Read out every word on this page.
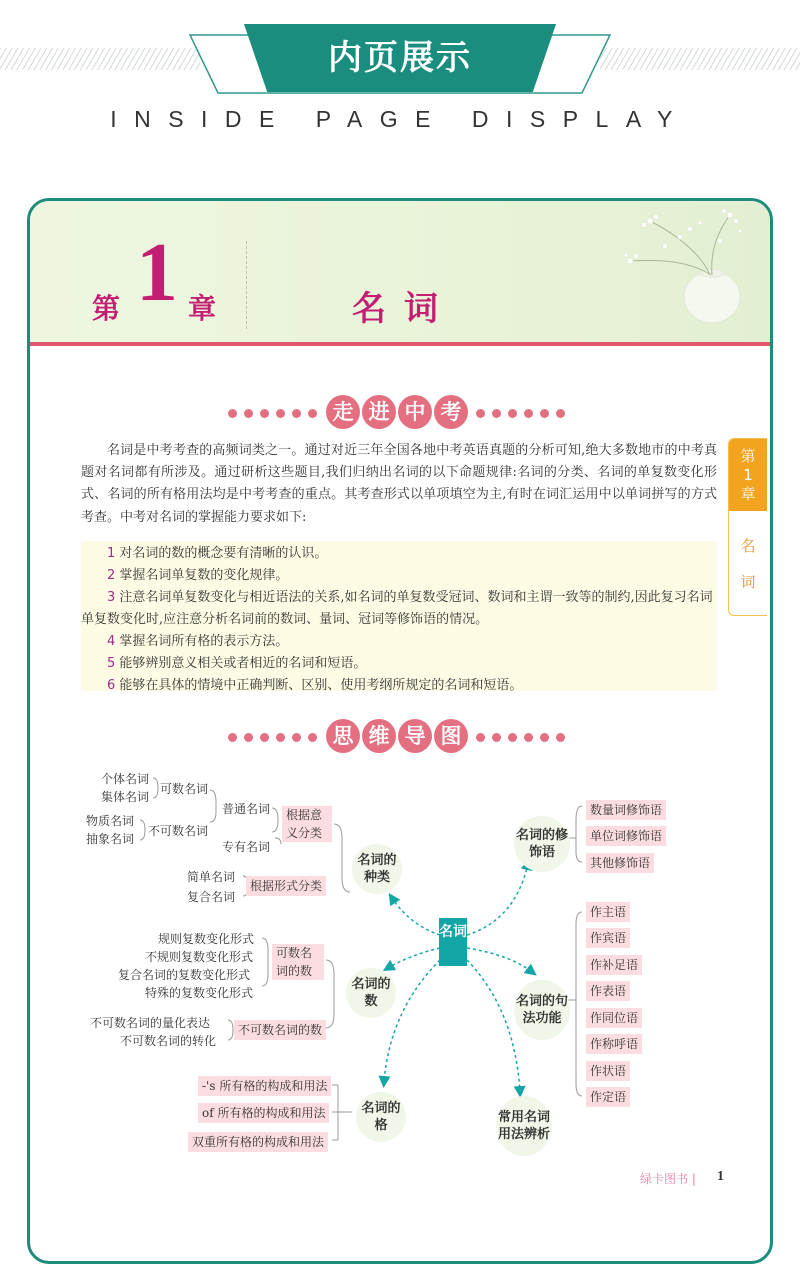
内页展示
INSIDE PAGE DISPLAY
第 1 章	名词
走 进 中 考
名词是中考考查的高频词类之一。通过对近三年全国各地中考英语真题的分析可知,绝大多数地市的中考真题对名词都有所涉及。通过研析这些题目,我们归纳出名词的以下命题规律:名词的分类、名词的单复数变化形式、名词的所有格用法均是中考考查的重点。其考查形式以单项填空为主,有时在词汇运用中以单词拼写的方式考查。中考对名词的掌握能力要求如下:
1 对名词的数的概念要有清晰的认识。
2 掌握名词单复数的变化规律。
3 注意名词单复数变化与相近语法的关系,如名词的单复数受冠词、数词和主谓一致等的制约,因此复习名词单复数变化时,应注意分析名词前的数词、量词、冠词等修饰语的情况。
4 掌握名词所有格的表示方法。
5 能够辨别意义相关或者相近的名词和短语。
6 能够在具体的情境中正确判断、区别、使用考纲所规定的名词和短语。
第
1
章
名
词
思 维 导 图
个体名词
集体名词
可数名词
物质名词
抽象名词
不可数名词
普通名词
专有名词
根据意义分类
简单名词
复合名词
根据形式分类
规则复数变化形式
不规则复数变化形式
复合名词的复数变化形式
特殊的复数变化形式
可数名词的数
不可数名词的量化表达
不可数名词的转化
不可数名词的数
-'s 所有格的构成和用法
of 所有格的构成和用法
双重所有格的构成和用法
名词的种类
名词的数
名词的格
名词的修饰语
名词的句法功能
常用名词用法辨析
名词
数量词修饰语
单位词修饰语
其他修饰语
作主语
作宾语
作补足语
作表语
作同位语
作称呼语
作状语
作定语
绿卡图书 | 1
